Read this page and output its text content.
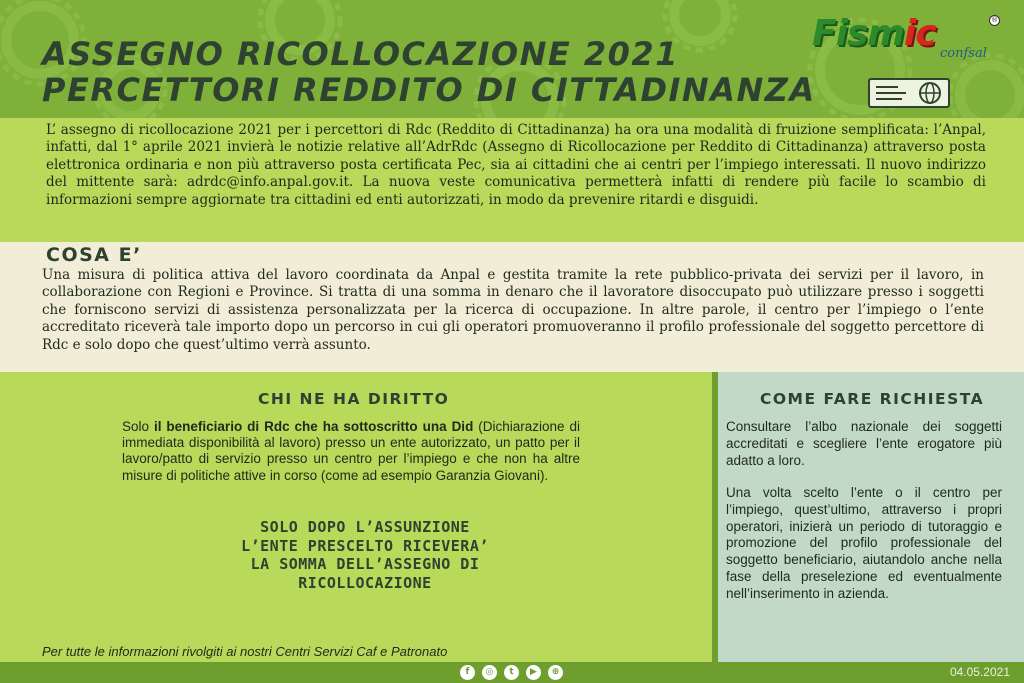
ASSEGNO RICOLLOCAZIONE 2021
PERCETTORI REDDITO DI CITTADINANZA
Fismic	®
confsal

L’ assegno di ricollocazione 2021 per i percettori di Rdc (Reddito di Cittadinanza) ha ora una modalità di fruizione semplificata: l’Anpal, infatti, dal 1° aprile 2021 invierà le notizie relative all’AdrRdc (Assegno di Ricollocazione per Reddito di Cittadinanza) attraverso posta elettronica ordinaria e non più attraverso posta certificata Pec, sia ai cittadini che ai centri per l’impiego interessati. Il nuovo indirizzo del mittente sarà: adrdc@info.anpal.gov.it. La nuova veste comunicativa permetterà infatti di rendere più facile lo scambio di informazioni sempre aggiornate tra cittadini ed enti autorizzati, in modo da prevenire ritardi e disguidi.

COSA E’

Una misura di politica attiva del lavoro coordinata da Anpal e gestita tramite la rete pubblico-privata dei servizi per il lavoro, in collaborazione con Regioni e Province. Si tratta di una somma in denaro che il lavoratore disoccupato può utilizzare presso i soggetti che forniscono servizi di assistenza personalizzata per la ricerca di occupazione. In altre parole, il centro per l’impiego o l’ente accreditato riceverà tale importo dopo un percorso in cui gli operatori promuoveranno il profilo professionale del soggetto percettore di Rdc e solo dopo che quest’ultimo verrà assunto.

CHI NE HA DIRITTO

Solo il beneficiario di Rdc che ha sottoscritto una Did (Dichiarazione di immediata disponibilità al lavoro) presso un ente autorizzato, un patto per il lavoro/patto di servizio presso un centro per l’impiego e che non ha altre misure di politiche attive in corso (come ad esempio Garanzia Giovani).

SOLO DOPO L’ASSUNZIONE
L’ENTE PRESCELTO RICEVERA’
LA SOMMA DELL’ASSEGNO DI
RICOLLOCAZIONE
Per tutte le informazioni rivolgiti ai nostri Centri Servizi Caf e Patronato
COME FARE RICHIESTA

Consultare l’albo nazionale dei soggetti accreditati e scegliere l’ente erogatore più adatto a loro.

Una volta scelto l’ente o il centro per l’impiego, quest’ultimo, attraverso i propri operatori, inizierà un periodo di tutoraggio e promozione del profilo professionale del soggetto beneficiario, aiutandolo anche nella fase della preselezione ed eventualmente nell’inserimento in azienda.

f	◎	t	▶	⊕	04.05.2021
